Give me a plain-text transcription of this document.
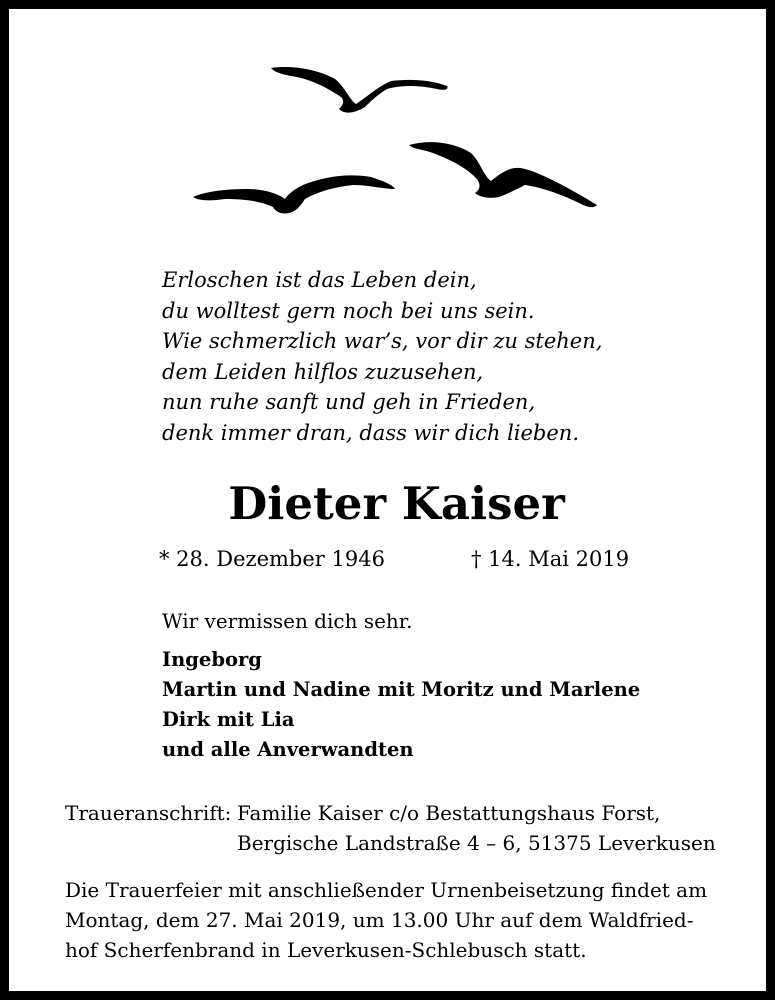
Erloschen ist das Leben dein,
du wolltest gern noch bei uns sein.
Wie schmerzlich war’s, vor dir zu stehen,
dem Leiden hilflos zuzusehen,
nun ruhe sanft und geh in Frieden,
denk immer dran, dass wir dich lieben.
Dieter Kaiser
* 28. Dezember 1946	† 14. Mai 2019
Wir vermissen dich sehr.
Ingeborg
Martin und Nadine mit Moritz und Marlene
Dirk mit Lia
und alle Anverwandten
Traueranschrift: Familie Kaiser c/o Bestattungshaus Forst,
Bergische Landstraße 4 – 6, 51375 Leverkusen
Die Trauerfeier mit anschließender Urnenbeisetzung findet am
Montag, dem 27. Mai 2019, um 13.00 Uhr auf dem Waldfried-
hof Scherfenbrand in Leverkusen-Schlebusch statt.
